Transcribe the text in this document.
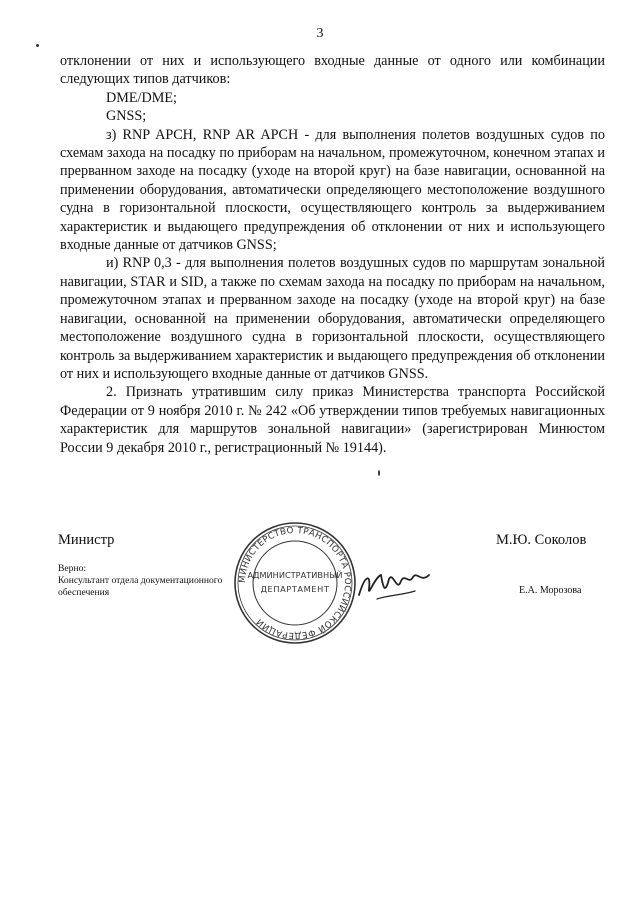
3

отклонении от них и использующего входные данные от одного или комбинации следующих типов датчиков:

DME/DME;

GNSS;

з) RNP APCH, RNP AR APCH - для выполнения полетов воздушных судов по схемам захода на посадку по приборам на начальном, промежуточном, конечном этапах и прерванном заходе на посадку (уходе на второй круг) на базе навигации, основанной на применении оборудования, автоматически определяющего местоположение воздушного судна в горизонтальной плоскости, осуществляющего контроль за выдерживанием характеристик и выдающего предупреждения об отклонении от них и использующего входные данные от датчиков GNSS;

и) RNP 0,3 - для выполнения полетов воздушных судов по маршрутам зональной навигации, STAR и SID, а также по схемам захода на посадку по приборам на начальном, промежуточном этапах и прерванном заходе на посадку (уходе на второй круг) на базе навигации, основанной на применении оборудования, автоматически определяющего местоположение воздушного судна в горизонтальной плоскости, осуществляющего контроль за выдерживанием характеристик и выдающего предупреждения об отклонении от них и использующего входные данные от датчиков GNSS.

2. Признать утратившим силу приказ Министерства транспорта Российской Федерации от 9 ноября 2010 г. № 242 «Об утверждении типов требуемых навигационных характеристик для маршрутов зональной навигации» (зарегистрирован Минюстом России 9 декабря 2010 г., регистрационный № 19144).

Министр	М.Ю. Соколов
Верно:
Консультант отдела документационного обеспечения	Е.А. Морозова
МИНИСТЕРСТВО ТРАНСПОРТА РОССИЙСКОЙ ФЕДЕРАЦИИ
АДМИНИСТРАТИВНЫЙ
ДЕПАРТАМЕНТ
